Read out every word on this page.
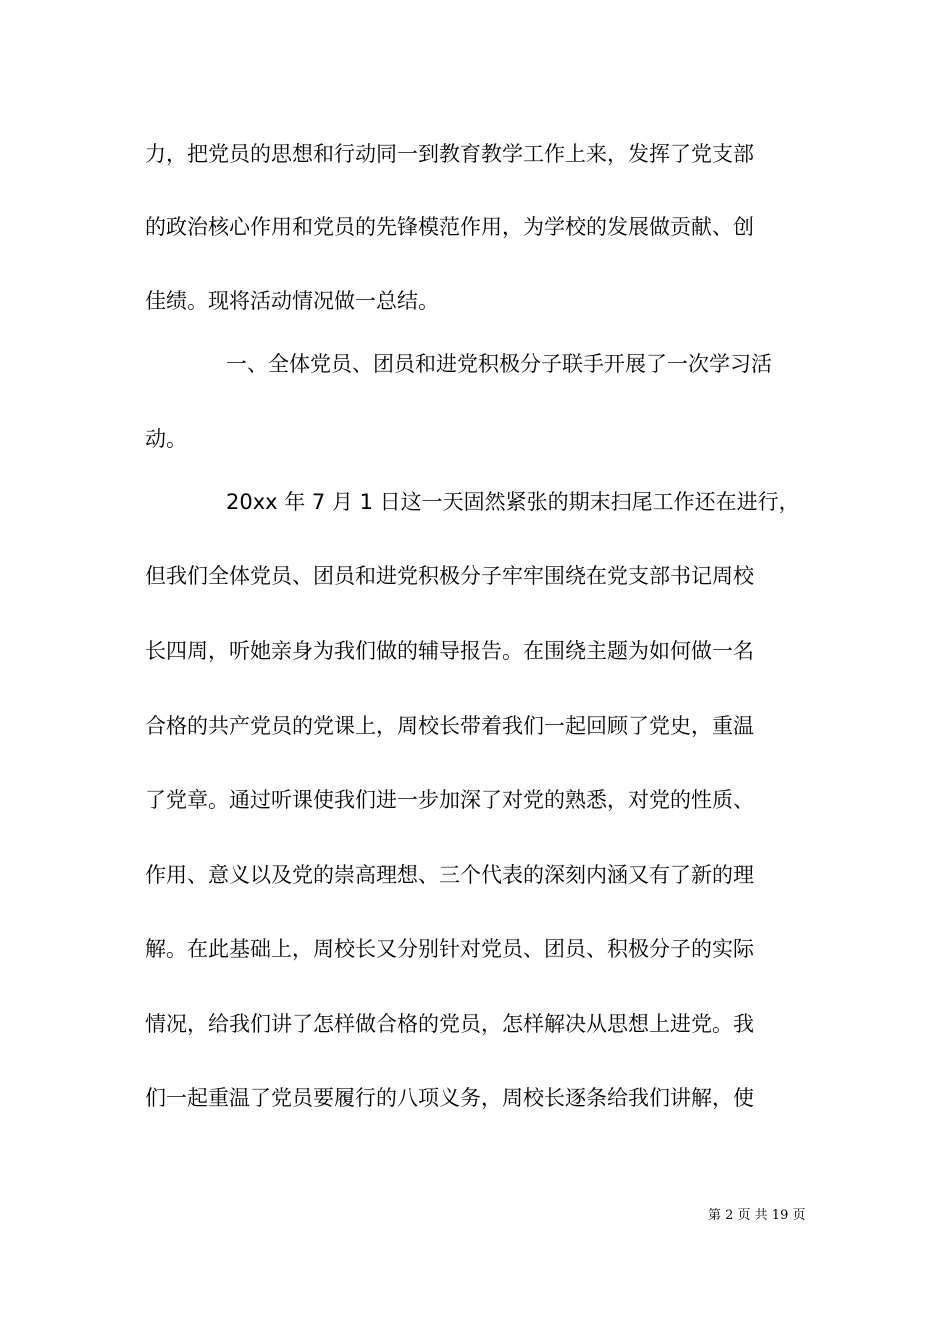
力，把党员的思想和行动同一到教育教学工作上来，发挥了党支部
的政治核心作用和党员的先锋模范作用，为学校的发展做贡献、创
佳绩。现将活动情况做一总结。
一、全体党员、团员和进党积极分子联手开展了一次学习活
动。
20xx 年 7 月 1 日这一天固然紧张的期末扫尾工作还在进行，
但我们全体党员、团员和进党积极分子牢牢围绕在党支部书记周校
长四周，听她亲身为我们做的辅导报告。在围绕主题为如何做一名
合格的共产党员的党课上，周校长带着我们一起回顾了党史，重温
了党章。通过听课使我们进一步加深了对党的熟悉，对党的性质、
作用、意义以及党的崇高理想、三个代表的深刻内涵又有了新的理
解。在此基础上，周校长又分别针对党员、团员、积极分子的实际
情况，给我们讲了怎样做合格的党员，怎样解决从思想上进党。我
们一起重温了党员要履行的八项义务，周校长逐条给我们讲解，使
第 2 页 共 19 页
